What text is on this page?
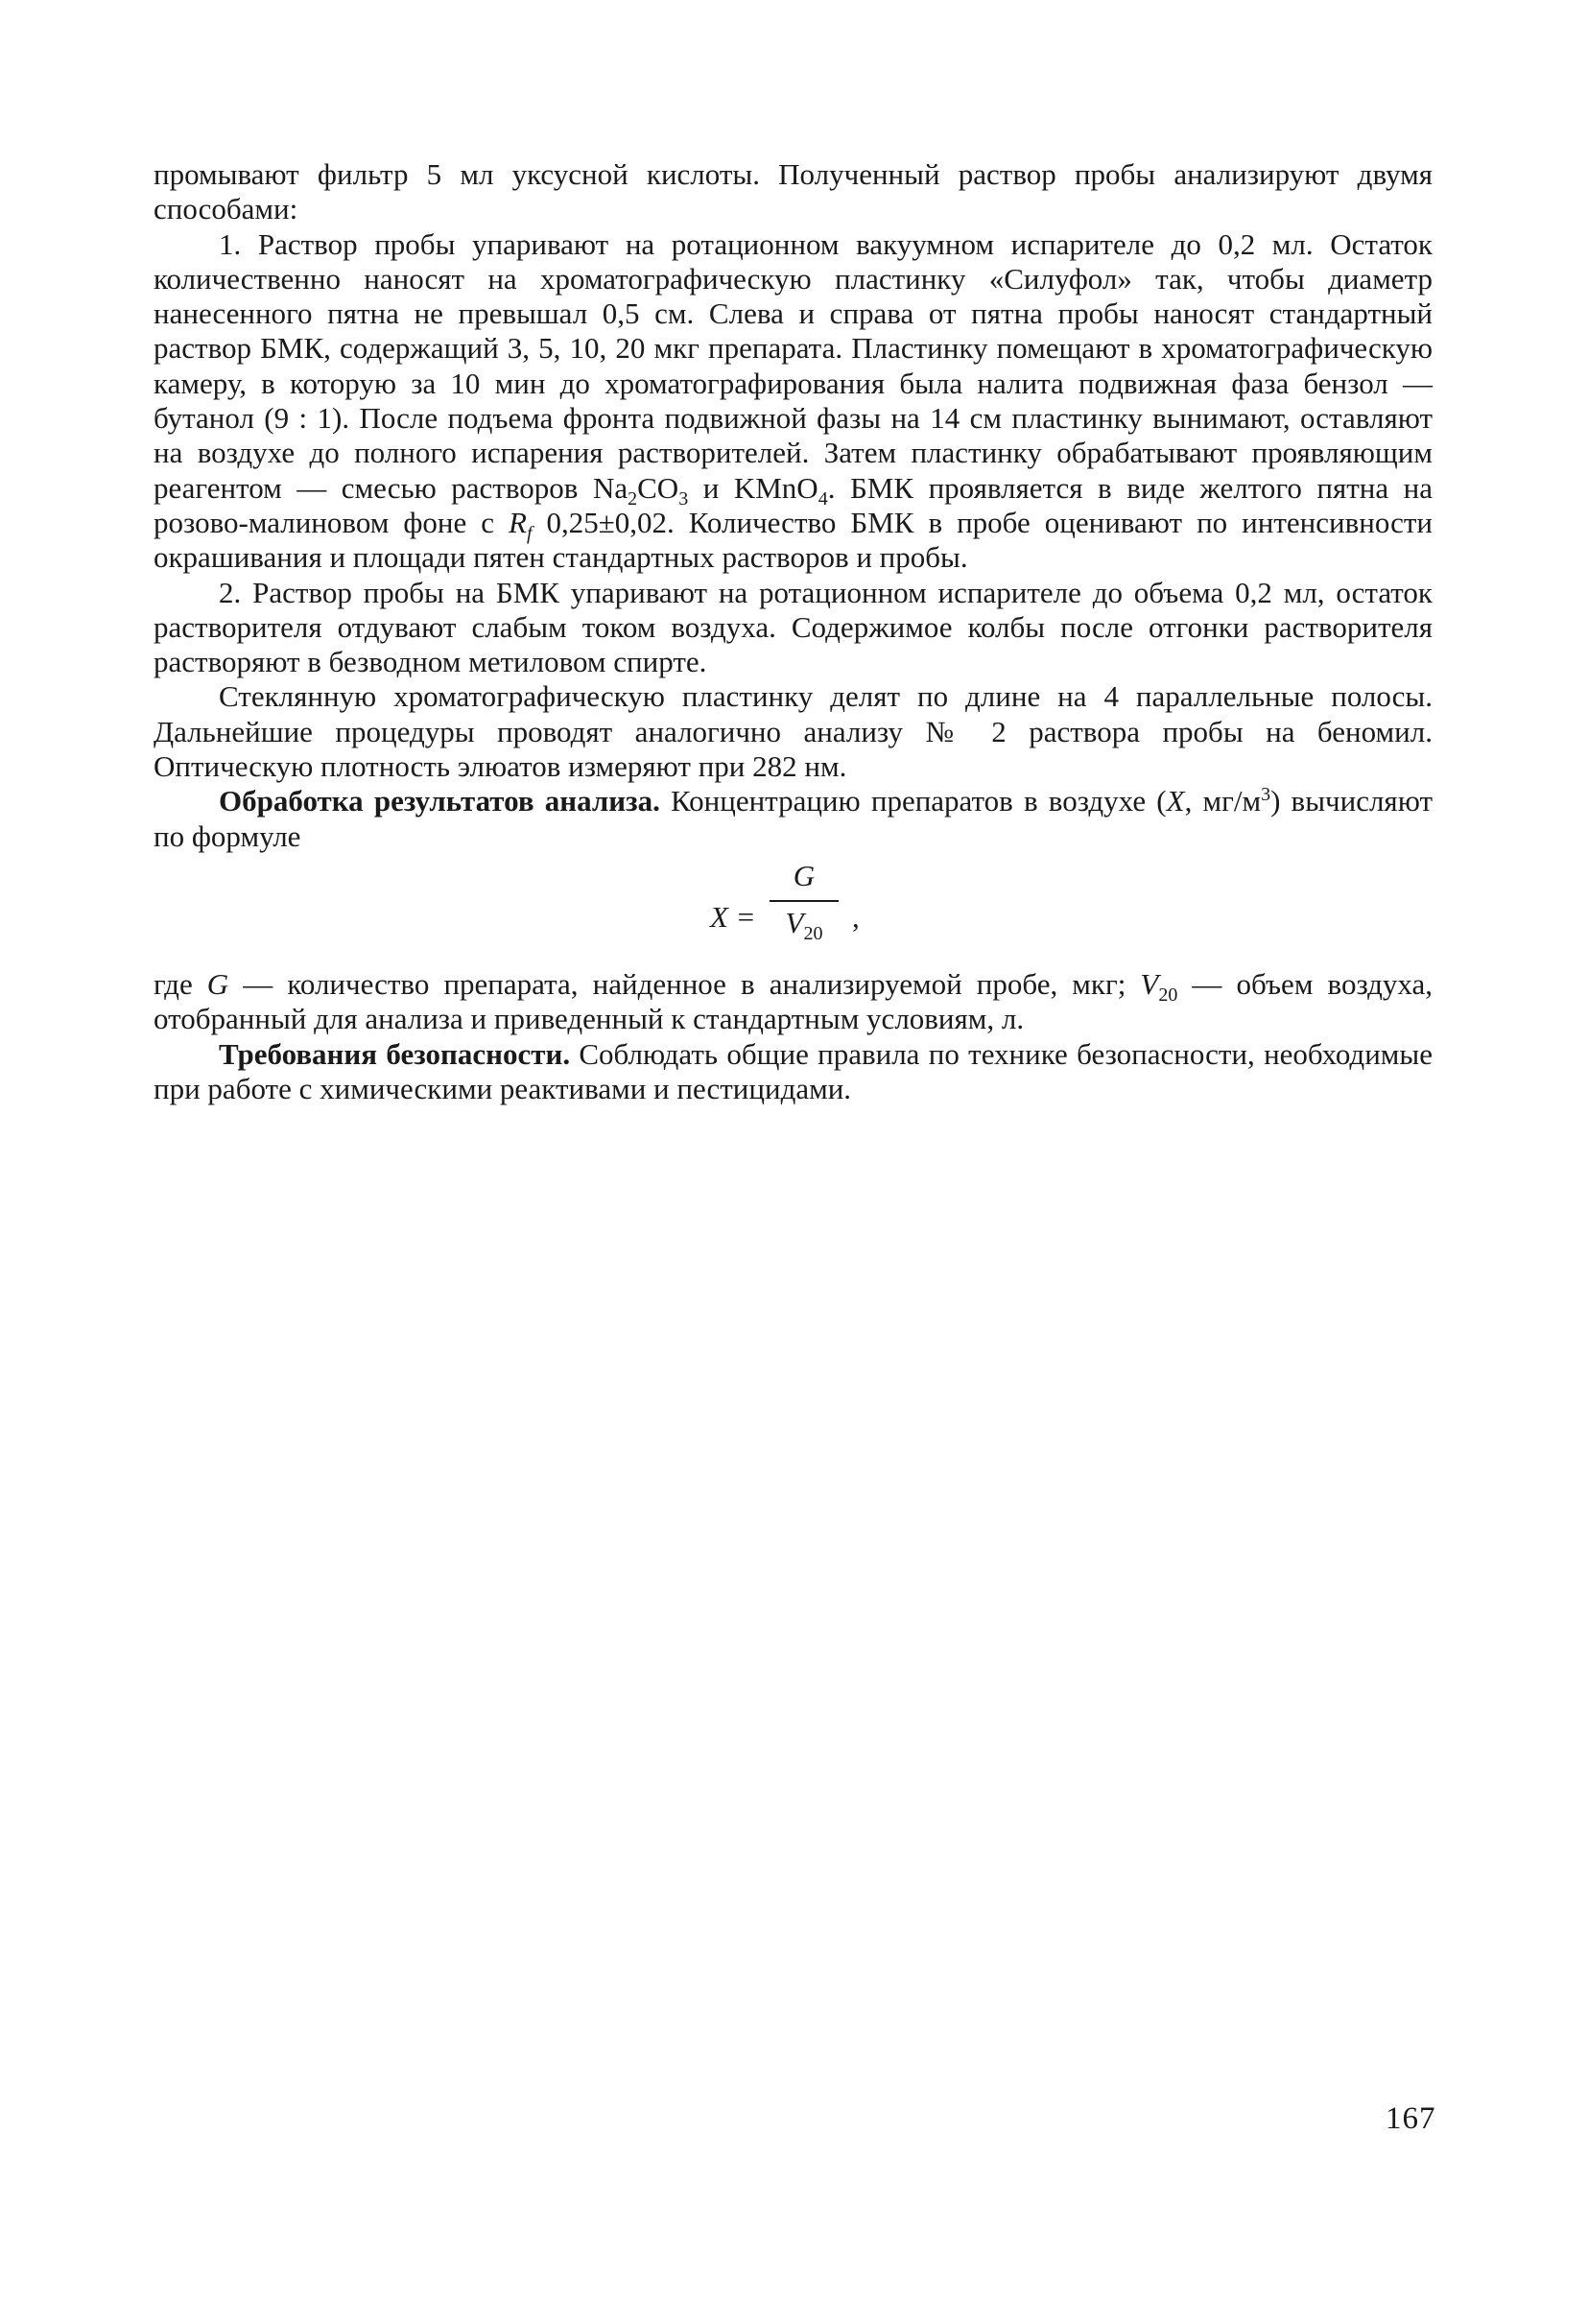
промывают фильтр 5 мл уксусной кислоты. Полученный раствор пробы анализируют двумя способами:

1. Раствор пробы упаривают на ротационном вакуумном испарителе до 0,2 мл. Остаток количественно наносят на хроматографическую пластинку «Силуфол» так, чтобы диаметр нанесенного пятна не превышал 0,5 см. Слева и справа от пятна пробы наносят стандартный раствор БМК, содержащий 3, 5, 10, 20 мкг препарата. Пластинку помещают в хроматографическую камеру, в которую за 10 мин до хроматографирования была налита подвижная фаза бензол — бутанол (9 : 1). После подъема фронта подвижной фазы на 14 см пластинку вынимают, оставляют на воздухе до полного испарения растворителей. Затем пластинку обрабатывают проявляющим реагентом — смесью растворов $Na_2CO_3$ и KMnO$_4$. БМК проявляется в виде желтого пятна на розово-малиновом фоне с $R_f$ 0,25±0,02. Количество БМК в пробе оценивают по интенсивности окрашивания и площади пятен стандартных растворов и пробы.

2. Раствор пробы на БМК упаривают на ротационном испарителе до объема 0,2 мл, остаток растворителя отдувают слабым током воздуха. Содержимое колбы после отгонки растворителя растворяют в безводном метиловом спирте.

Стеклянную хроматографическую пластинку делят по длине на 4 параллельные полосы. Дальнейшие процедуры проводят аналогично анализу № 2 раствора пробы на беномил. Оптическую плотность элюатов измеряют при 282 нм.

Обработка результатов анализа. Концентрацию препаратов в воздухе (X, $мг/м^3$) вычисляют по формуле

X =
G
$V_{20}$ ,

где G — количество препарата, найденное в анализируемой пробе, мкг; $V_{20}$ — объем воздуха, отобранный для анализа и приведенный к стандартным условиям, л.

Требования безопасности. Соблюдать общие правила по технике безопасности, необходимые при работе с химическими реактивами и пестицидами.

167
